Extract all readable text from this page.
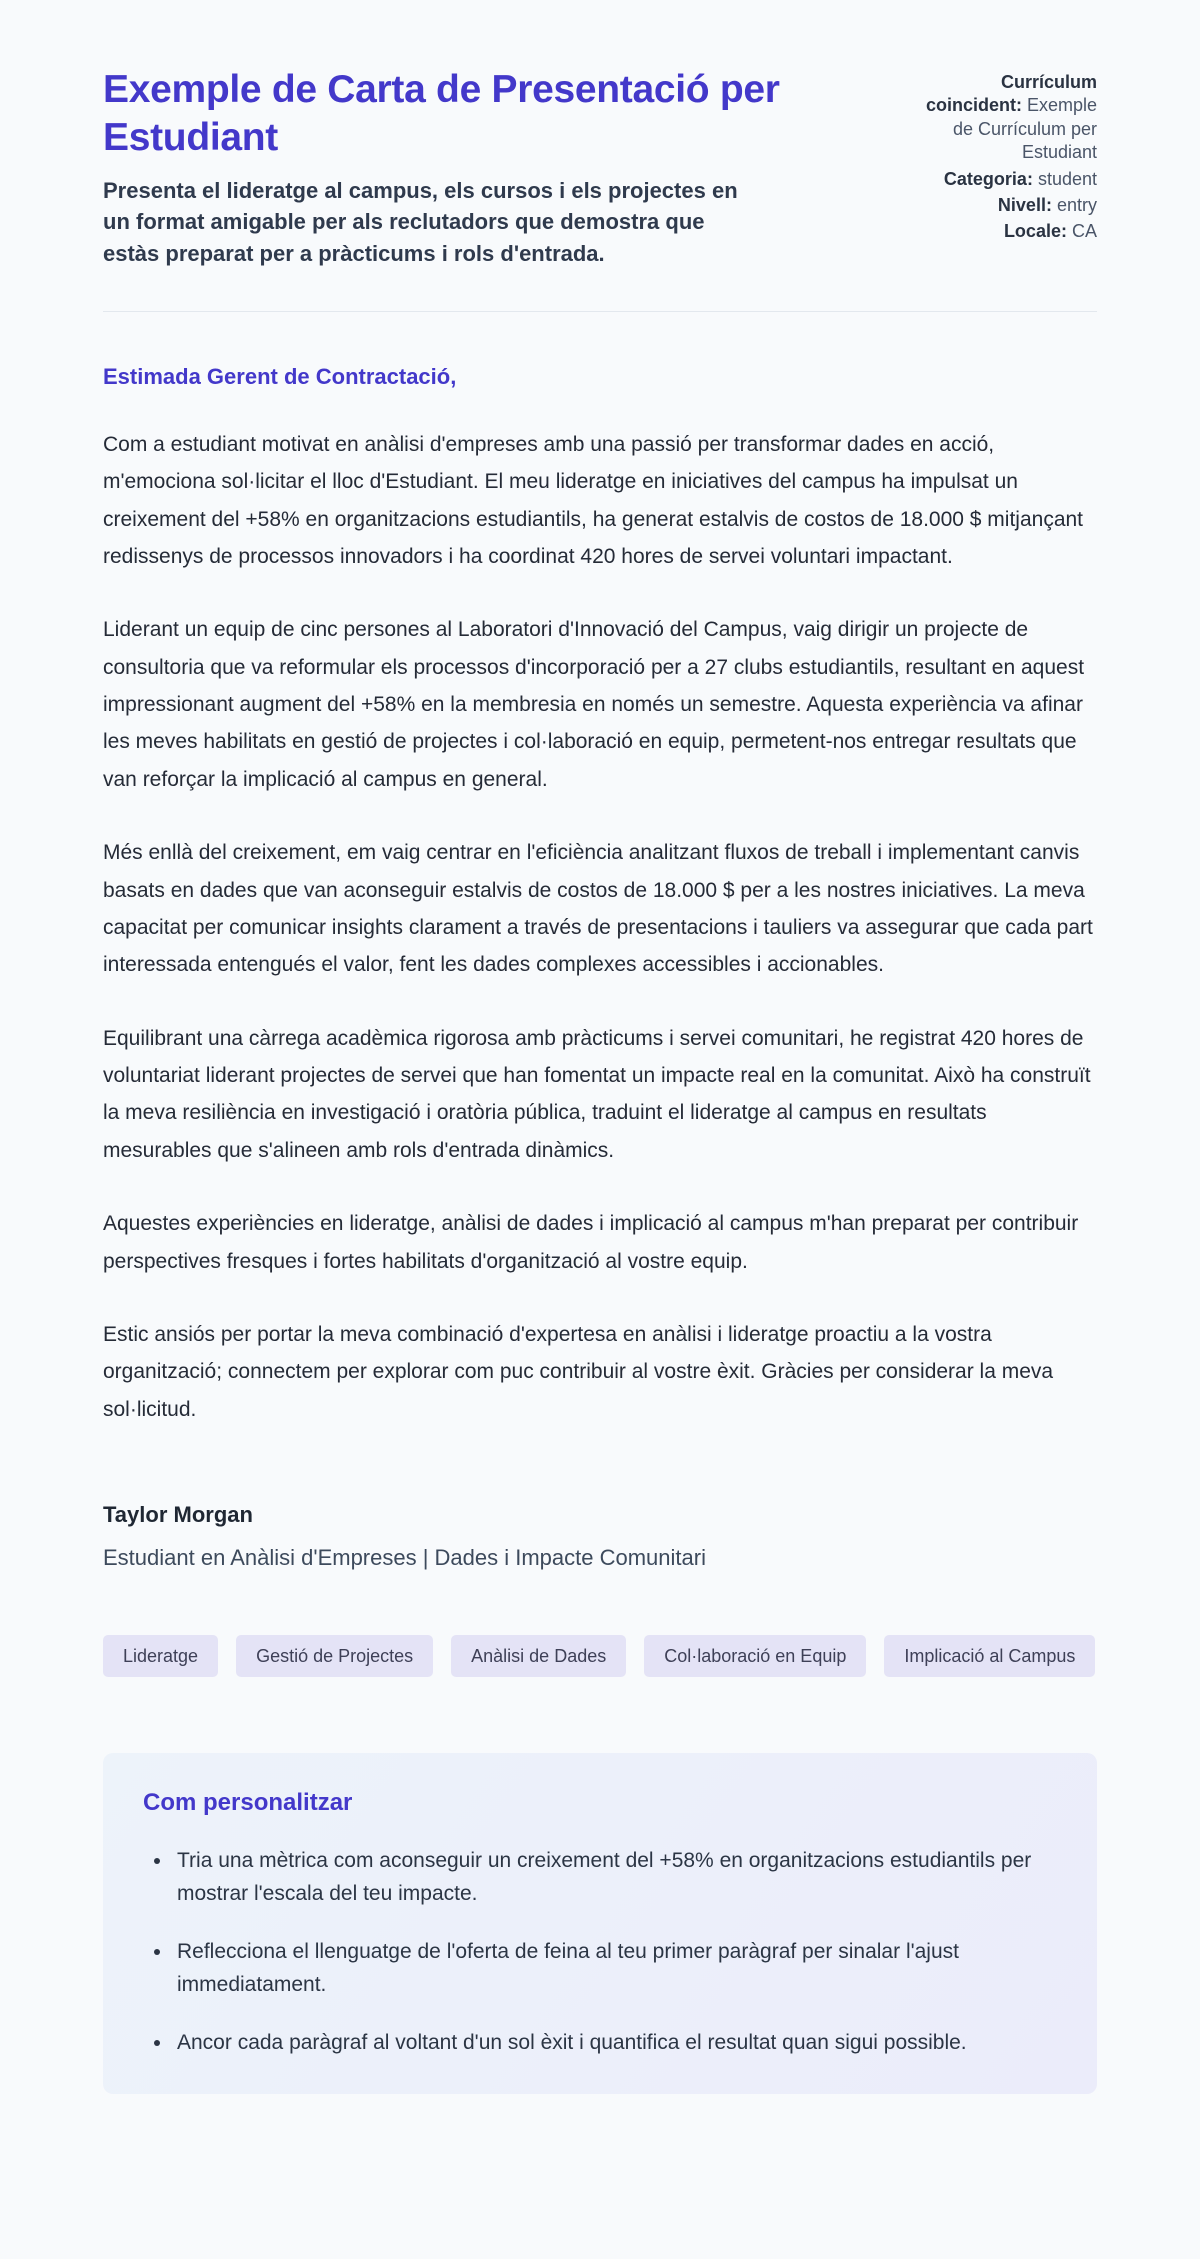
Exemple de Carta de Presentació per Estudiant

Presenta el lideratge al campus, els cursos i els projectes en un format amigable per als reclutadors que demostra que estàs preparat per a pràcticums i rols d'entrada.

Currículum coincident: Exemple de Currículum per Estudiant
Categoria: student
Nivell: entry
Locale: CA

Estimada Gerent de Contractació,

Com a estudiant motivat en anàlisi d'empreses amb una passió per transformar dades en acció, m'emociona sol·licitar el lloc d'Estudiant. El meu lideratge en iniciatives del campus ha impulsat un creixement del +58% en organitzacions estudiantils, ha generat estalvis de costos de 18.000 $ mitjançant redissenys de processos innovadors i ha coordinat 420 hores de servei voluntari impactant.

Liderant un equip de cinc persones al Laboratori d'Innovació del Campus, vaig dirigir un projecte de consultoria que va reformular els processos d'incorporació per a 27 clubs estudiantils, resultant en aquest impressionant augment del +58% en la membresia en només un semestre. Aquesta experiència va afinar les meves habilitats en gestió de projectes i col·laboració en equip, permetent-nos entregar resultats que van reforçar la implicació al campus en general.

Més enllà del creixement, em vaig centrar en l'eficiència analitzant fluxos de treball i implementant canvis basats en dades que van aconseguir estalvis de costos de 18.000 $ per a les nostres iniciatives. La meva capacitat per comunicar insights clarament a través de presentacions i tauliers va assegurar que cada part interessada entengués el valor, fent les dades complexes accessibles i accionables.

Equilibrant una càrrega acadèmica rigorosa amb pràcticums i servei comunitari, he registrat 420 hores de voluntariat liderant projectes de servei que han fomentat un impacte real en la comunitat. Això ha construït la meva resiliència en investigació i oratòria pública, traduint el lideratge al campus en resultats mesurables que s'alineen amb rols d'entrada dinàmics.

Aquestes experiències en lideratge, anàlisi de dades i implicació al campus m'han preparat per contribuir perspectives fresques i fortes habilitats d'organització al vostre equip.

Estic ansiós per portar la meva combinació d'expertesa en anàlisi i lideratge proactiu a la vostra organització; connectem per explorar com puc contribuir al vostre èxit. Gràcies per considerar la meva sol·licitud.

Taylor Morgan

Estudiant en Anàlisi d'Empreses | Dades i Impacte Comunitari

Lideratge	Gestió de Projectes	Anàlisi de Dades	Col·laboració en Equip	Implicació al Campus
Com personalitzar
• Tria una mètrica com aconseguir un creixement del +58% en organitzacions estudiantils per mostrar l'escala del teu impacte.
• Reflecciona el llenguatge de l'oferta de feina al teu primer paràgraf per sinalar l'ajust immediatament.
• Ancor cada paràgraf al voltant d'un sol èxit i quantifica el resultat quan sigui possible.
